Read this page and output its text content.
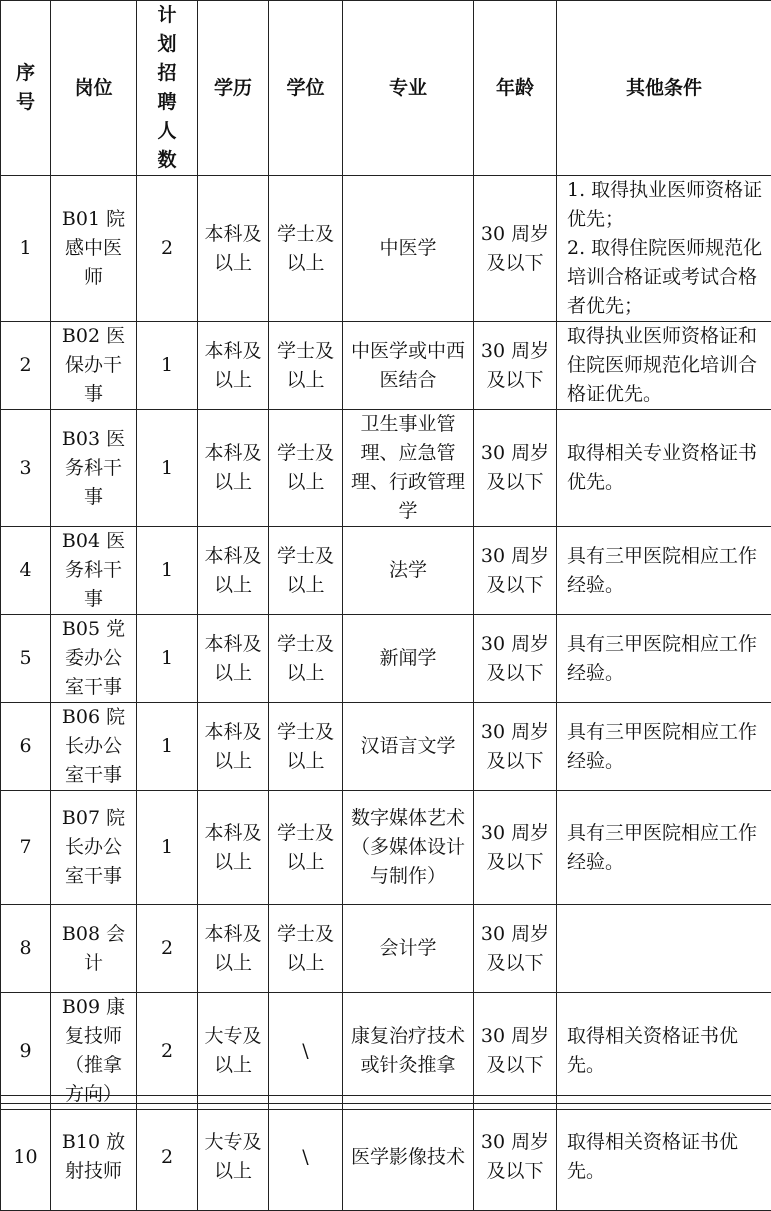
序号	岗位	计划招聘人数	学历	学位	专业	年龄	其他条件
1	B01 院感中医师	2	本科及以上	学士及以上	中医学	30 周岁及以下	1. 取得执业医师资格证优先；
2. 取得住院医师规范化培训合格证或考试合格者优先；
2	B02 医保办干事	1	本科及以上	学士及以上	中医学或中西医结合	30 周岁及以下	取得执业医师资格证和住院医师规范化培训合格证优先。
3	B03 医务科干事	1	本科及以上	学士及以上	卫生事业管理、应急管理、行政管理学	30 周岁及以下	取得相关专业资格证书优先。
4	B04 医务科干事	1	本科及以上	学士及以上	法学	30 周岁及以下	具有三甲医院相应工作经验。
5	B05 党委办公室干事	1	本科及以上	学士及以上	新闻学	30 周岁及以下	具有三甲医院相应工作经验。
6	B06 院长办公室干事	1	本科及以上	学士及以上	汉语言文学	30 周岁及以下	具有三甲医院相应工作经验。
7	B07 院长办公室干事	1	本科及以上	学士及以上	数字媒体艺术（多媒体设计与制作）	30 周岁及以下	具有三甲医院相应工作经验。
8	B08 会计	2	本科及以上	学士及以上	会计学	30 周岁及以下	
9	B09 康复技师（推拿方向）	2	大专及以上	\	康复治疗技术或针灸推拿	30 周岁及以下	取得相关资格证书优先。
10	B10 放射技师	2	大专及以上	\	医学影像技术	30 周岁及以下	取得相关资格证书优先。
